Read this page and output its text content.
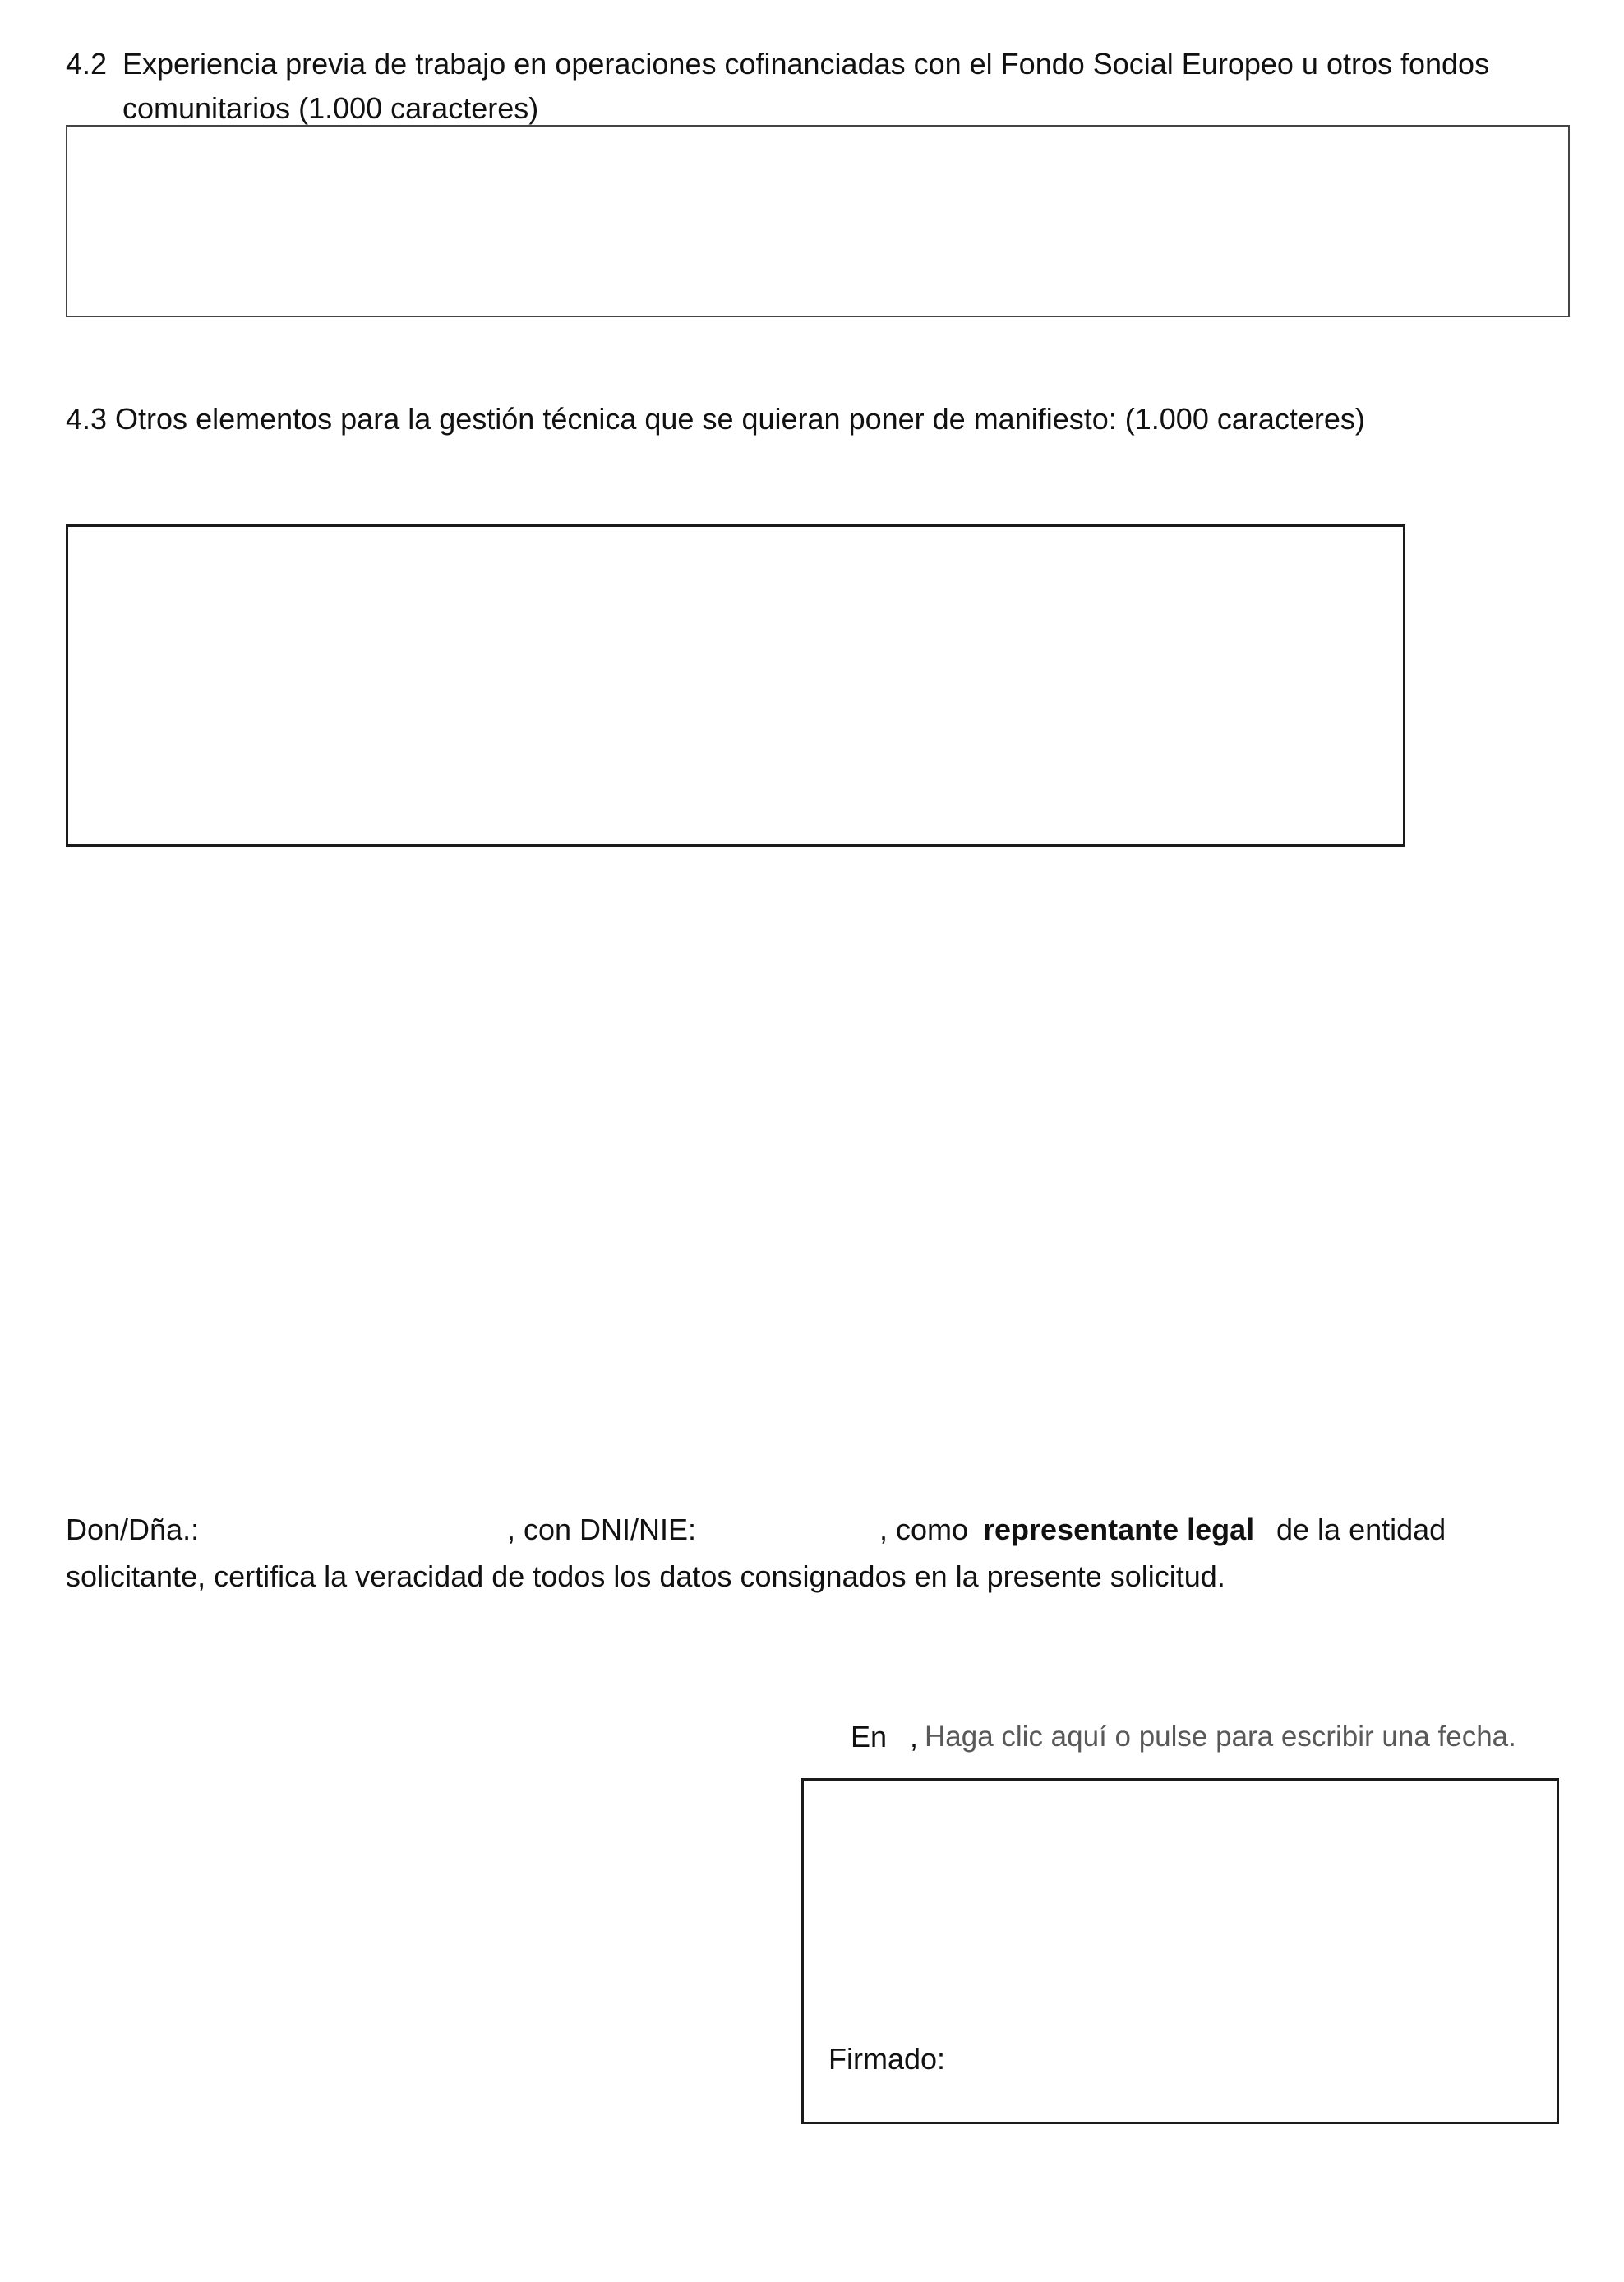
4.2 Experiencia previa de trabajo en operaciones cofinanciadas con el Fondo Social Europeo u otros fondos
comunitarios (1.000 caracteres)
4.3 Otros elementos para la gestión técnica que se quieran poner de manifiesto: (1.000 caracteres)
Don/Dña.:	, con DNI/NIE:	, como representante legal de la entidad
solicitante, certifica la veracidad de todos los datos consignados en la presente solicitud.
En , Haga clic aquí o pulse para escribir una fecha.
Firmado:
